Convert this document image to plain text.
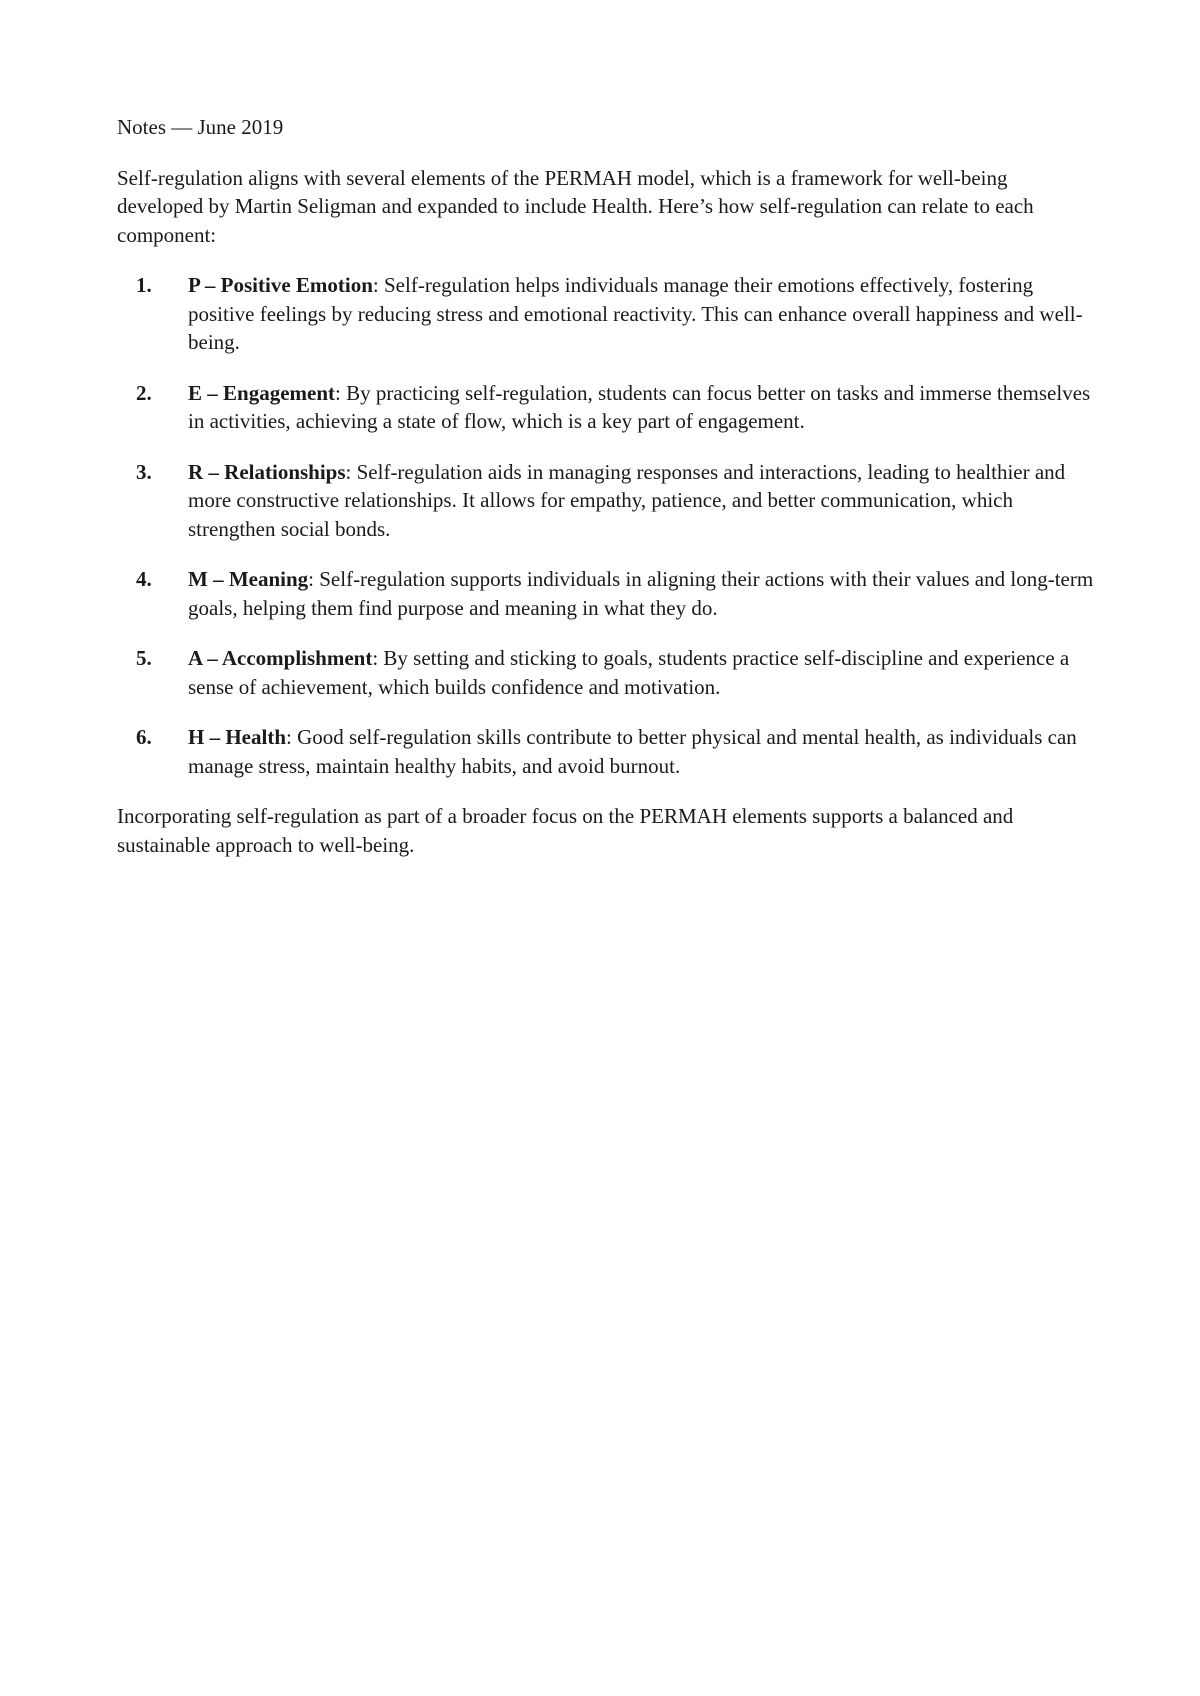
Notes — June 2019

Self-regulation aligns with several elements of the PERMAH model, which is a framework for well-being developed by Martin Seligman and expanded to include Health. Here’s how self-regulation can relate to each component:

1. P – Positive Emotion: Self-regulation helps individuals manage their emotions effectively, fostering positive feelings by reducing stress and emotional reactivity. This can enhance overall happiness and well-being.
2. E – Engagement: By practicing self-regulation, students can focus better on tasks and immerse themselves in activities, achieving a state of flow, which is a key part of engagement.
3. R – Relationships: Self-regulation aids in managing responses and interactions, leading to healthier and more constructive relationships. It allows for empathy, patience, and better communication, which strengthen social bonds.
4. M – Meaning: Self-regulation supports individuals in aligning their actions with their values and long-term goals, helping them find purpose and meaning in what they do.
5. A – Accomplishment: By setting and sticking to goals, students practice self-discipline and experience a sense of achievement, which builds confidence and motivation.
6. H – Health: Good self-regulation skills contribute to better physical and mental health, as individuals can manage stress, maintain healthy habits, and avoid burnout.

Incorporating self-regulation as part of a broader focus on the PERMAH elements supports a balanced and sustainable approach to well-being.
